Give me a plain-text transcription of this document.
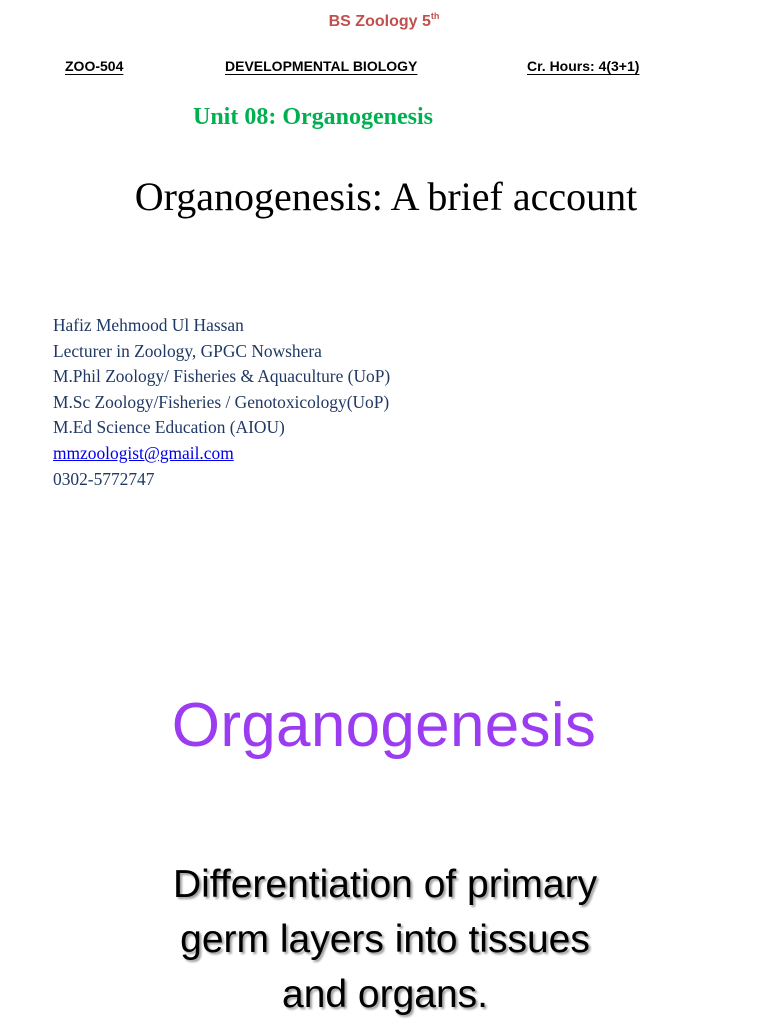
BS Zoology 5th
ZOO-504	DEVELOPMENTAL BIOLOGY	Cr. Hours: 4(3+1)
Unit 08: Organogenesis
Organogenesis: A brief account
Hafiz Mehmood Ul Hassan
Lecturer in Zoology, GPGC Nowshera
M.Phil Zoology/ Fisheries & Aquaculture (UoP)
M.Sc Zoology/Fisheries / Genotoxicology(UoP)
M.Ed Science Education (AIOU)
mmzoologist@gmail.com
0302-5772747
Organogenesis
Differentiation of primary
germ layers into tissues
and organs.
